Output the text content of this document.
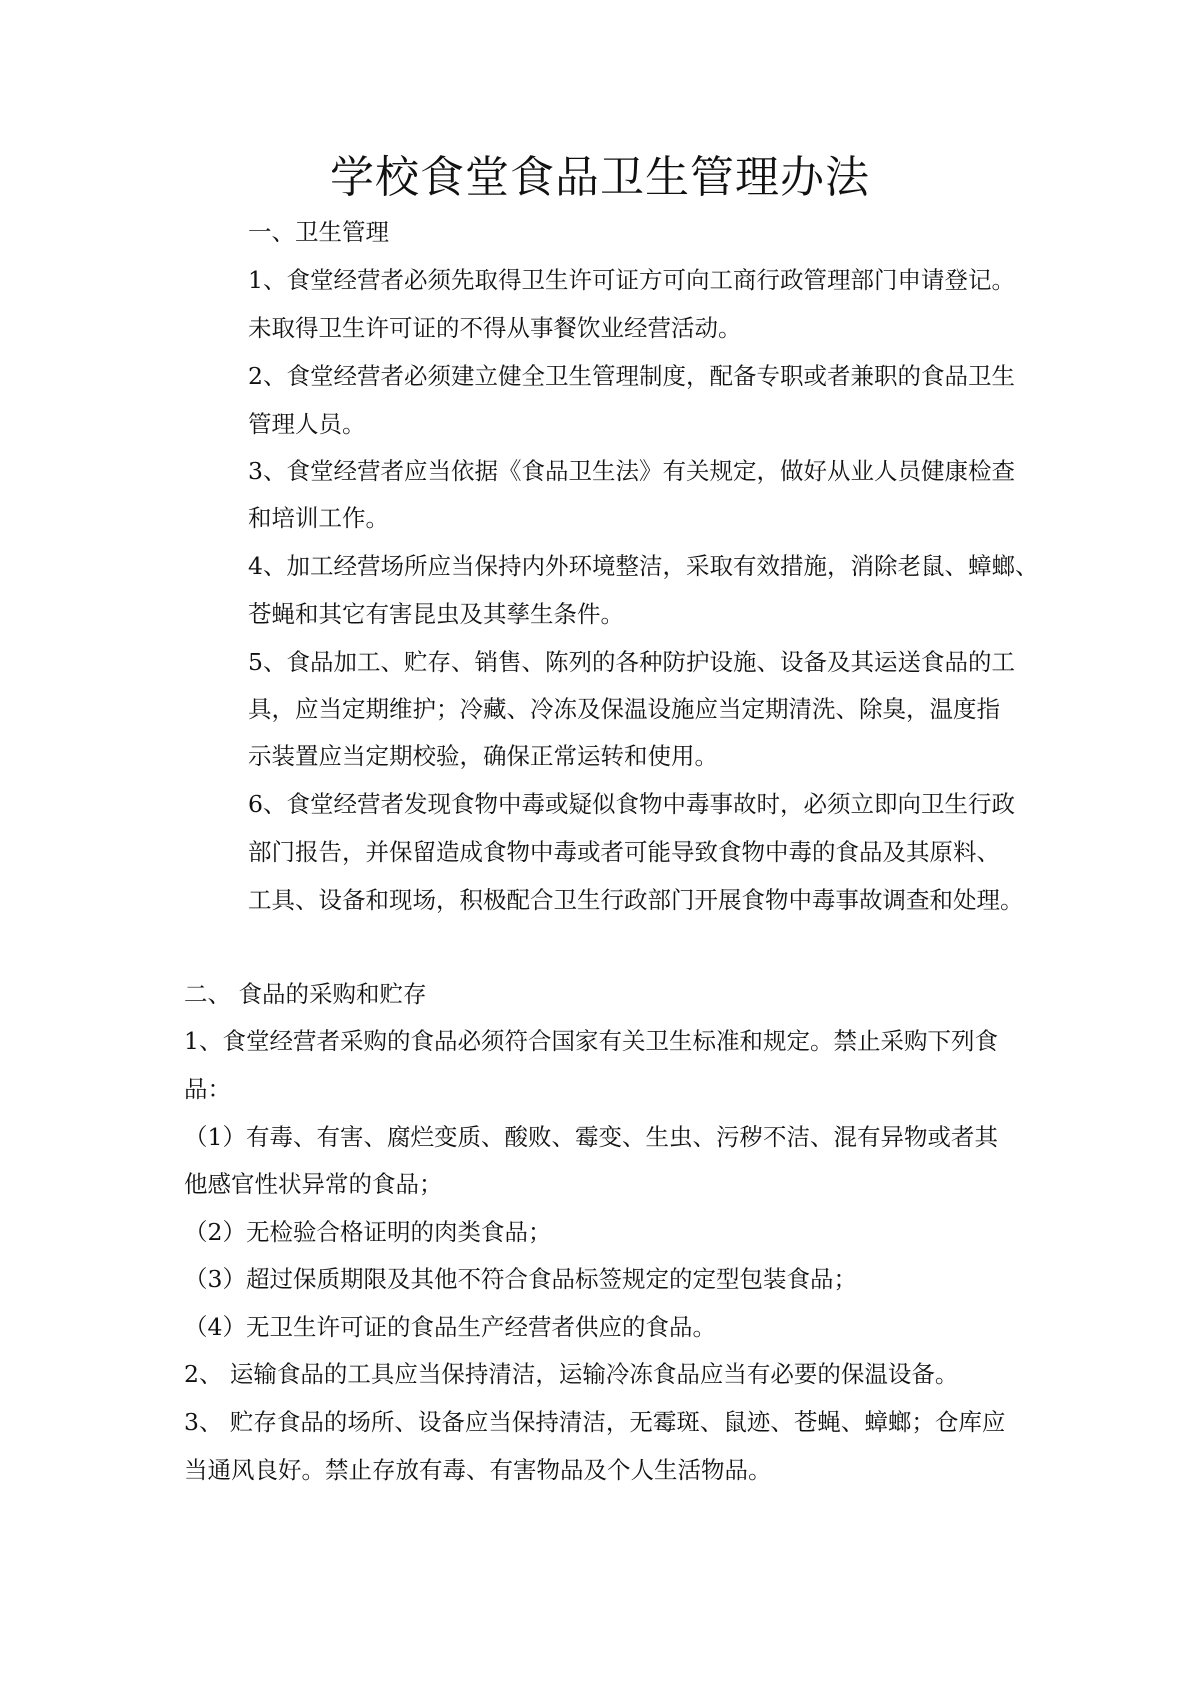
学校食堂食品卫生管理办法
一、卫生管理
1、食堂经营者必须先取得卫生许可证方可向工商行政管理部门申请登记。
未取得卫生许可证的不得从事餐饮业经营活动。
2、食堂经营者必须建立健全卫生管理制度，配备专职或者兼职的食品卫生
管理人员。
3、食堂经营者应当依据《食品卫生法》有关规定，做好从业人员健康检查
和培训工作。
4、加工经营场所应当保持内外环境整洁，采取有效措施，消除老鼠、蟑螂、
苍蝇和其它有害昆虫及其孳生条件。
5、食品加工、贮存、销售、陈列的各种防护设施、设备及其运送食品的工
具，应当定期维护；冷藏、冷冻及保温设施应当定期清洗、除臭，温度指
示装置应当定期校验，确保正常运转和使用。
6、食堂经营者发现食物中毒或疑似食物中毒事故时，必须立即向卫生行政
部门报告，并保留造成食物中毒或者可能导致食物中毒的食品及其原料、
工具、设备和现场，积极配合卫生行政部门开展食物中毒事故调查和处理。
二、 食品的采购和贮存
1、食堂经营者采购的食品必须符合国家有关卫生标准和规定。禁止采购下列食
品：
（1）有毒、有害、腐烂变质、酸败、霉变、生虫、污秽不洁、混有异物或者其
他感官性状异常的食品；
（2）无检验合格证明的肉类食品；
（3）超过保质期限及其他不符合食品标签规定的定型包装食品；
（4）无卫生许可证的食品生产经营者供应的食品。
2、 运输食品的工具应当保持清洁，运输冷冻食品应当有必要的保温设备。
3、 贮存食品的场所、设备应当保持清洁，无霉斑、鼠迹、苍蝇、蟑螂；仓库应
当通风良好。禁止存放有毒、有害物品及个人生活物品。
